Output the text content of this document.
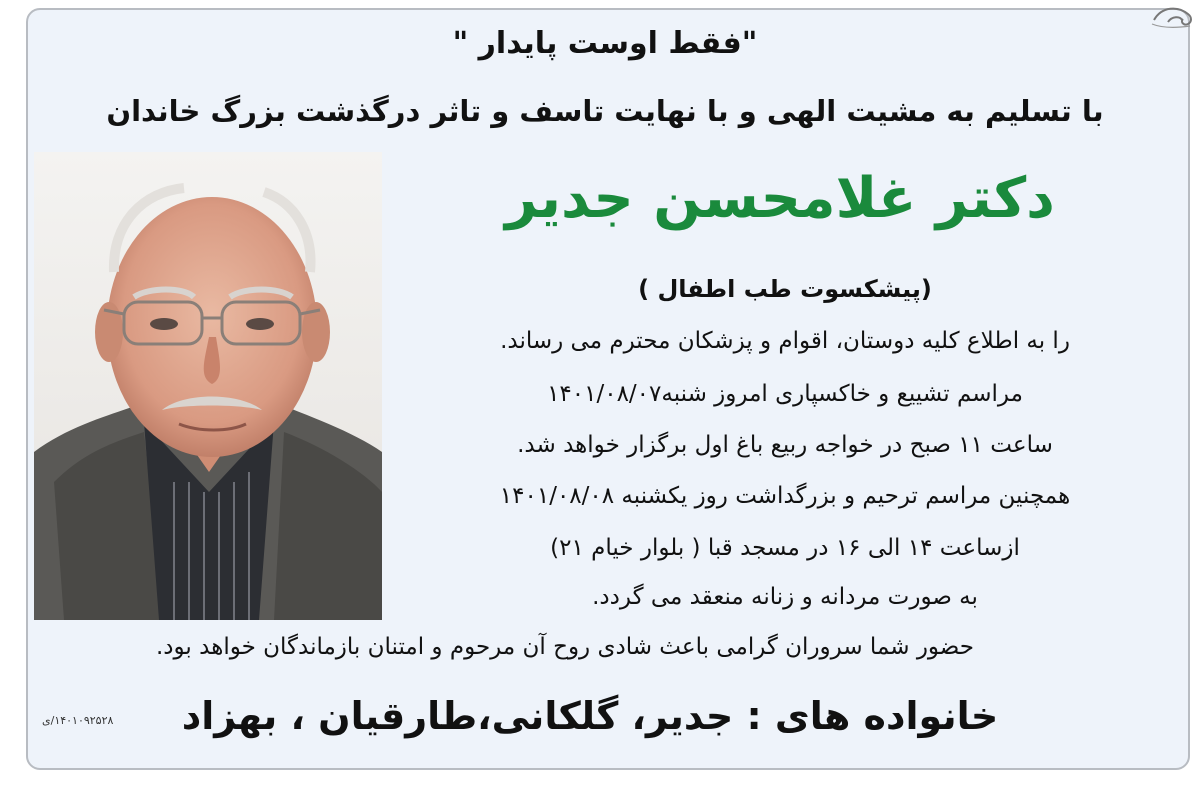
"فقط اوست پایدار "
با تسلیم به مشیت الهی و با نهایت تاسف و تاثر درگذشت بزرگ خاندان
دکتر غلامحسن جدیر
(پیشکسوت طب اطفال )
را به اطلاع کلیه دوستان، اقوام و پزشکان محترم می رساند.
مراسم تشییع و خاکسپاری امروز شنبه۱۴۰۱/۰۸/۰۷
ساعت ۱۱ صبح در خواجه ربیع باغ اول برگزار خواهد شد.
همچنین مراسم ترحیم و بزرگداشت روز یکشنبه ۱۴۰۱/۰۸/۰۸
ازساعت ۱۴ الی ۱۶ در مسجد قبا ( بلوار خیام ۲۱)
به صورت مردانه و زنانه منعقد می گردد.
حضور شما سروران گرامی باعث شادی روح آن مرحوم و امتنان بازماندگان خواهد بود.
۱۴۰۱۰۹۲۵۲۸/ی	خانواده های : جدیر، گلکانی،طارقیان ، بهزاد
